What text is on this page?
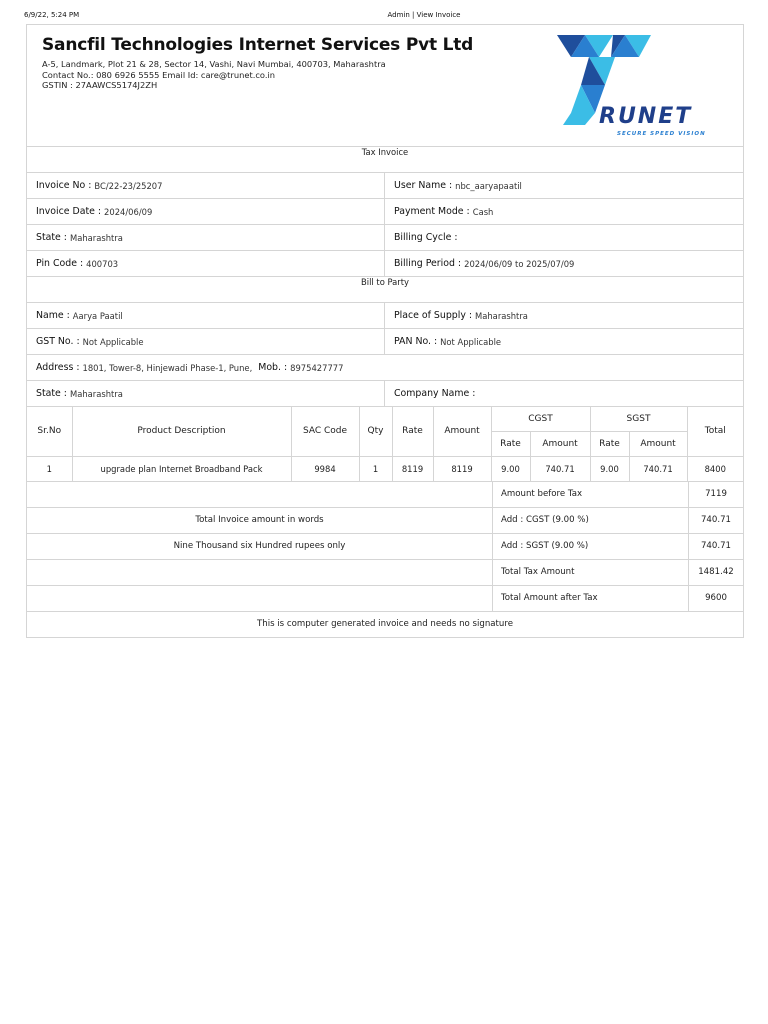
6/9/22, 5:24 PM	Admin | View Invoice
Sancfil Technologies Internet Services Pvt Ltd
A-5, Landmark, Plot 21 & 28, Sector 14, Vashi, Navi Mumbai, 400703, Maharashtra
Contact No.: 080 6926 5555 Email Id: care@trunet.co.in
GSTIN : 27AAWCS5174J2ZH
RUNET
SECURE SPEED VISION
Tax Invoice
Invoice No : BC/22-23/25207	User Name : nbc_aaryapaatil
Invoice Date : 2024/06/09	Payment Mode : Cash
State : Maharashtra	Billing Cycle :
Pin Code : 400703	Billing Period : 2024/06/09 to 2025/07/09
Bill to Party
Name : Aarya Paatil	Place of Supply : Maharashtra
GST No. : Not Applicable	PAN No. : Not Applicable
Address : 1801, Tower-8, Hinjewadi Phase-1, Pune, Mob. : 8975427777
State : Maharashtra	Company Name :
Sr.No	Product Description	SAC Code	Qty	Rate	Amount	CGST		SGST		Total
						Rate	Amount	Rate	Amount	
1	upgrade plan Internet Broadband Pack	9984	1	8119	8119	9.00	740.71	9.00	740.71	8400
Amount before Tax	7119
Total Invoice amount in words	Add : CGST (9.00 %)	740.71
Nine Thousand six Hundred rupees only	Add : SGST (9.00 %)	740.71
Total Tax Amount	1481.42
Total Amount after Tax	9600
This is computer generated invoice and needs no signature
